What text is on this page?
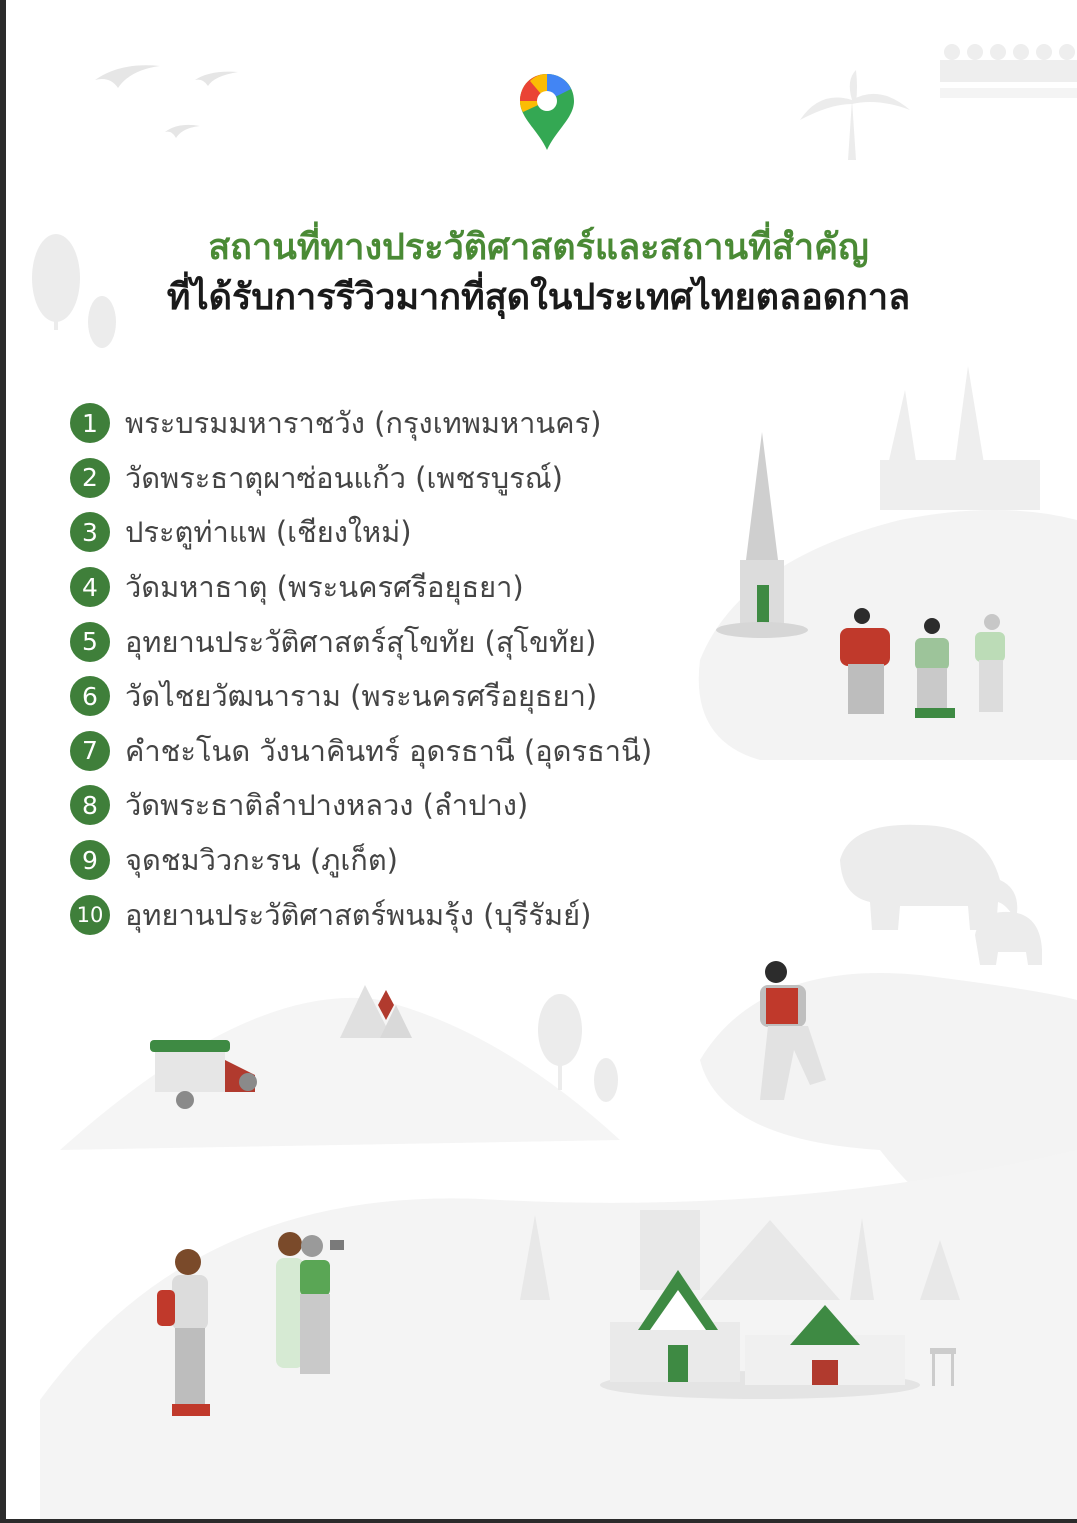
สถานที่ทางประวัติศาสตร์และสถานที่สำคัญ
ที่ได้รับการรีวิวมากที่สุดในประเทศไทยตลอดกาล
1 พระบรมมหาราชวัง (กรุงเทพมหานคร)
2 วัดพระธาตุผาซ่อนแก้ว (เพชรบูรณ์)
3 ประตูท่าแพ (เชียงใหม่)
4 วัดมหาธาตุ (พระนครศรีอยุธยา)
5 อุทยานประวัติศาสตร์สุโขทัย (สุโขทัย)
6 วัดไชยวัฒนาราม (พระนครศรีอยุธยา)
7 คำชะโนด วังนาคินทร์ อุดรธานี (อุดรธานี)
8 วัดพระธาติลำปางหลวง (ลำปาง)
9 จุดชมวิวกะรน (ภูเก็ต)
10 อุทยานประวัติศาสตร์พนมรุ้ง (บุรีรัมย์)
